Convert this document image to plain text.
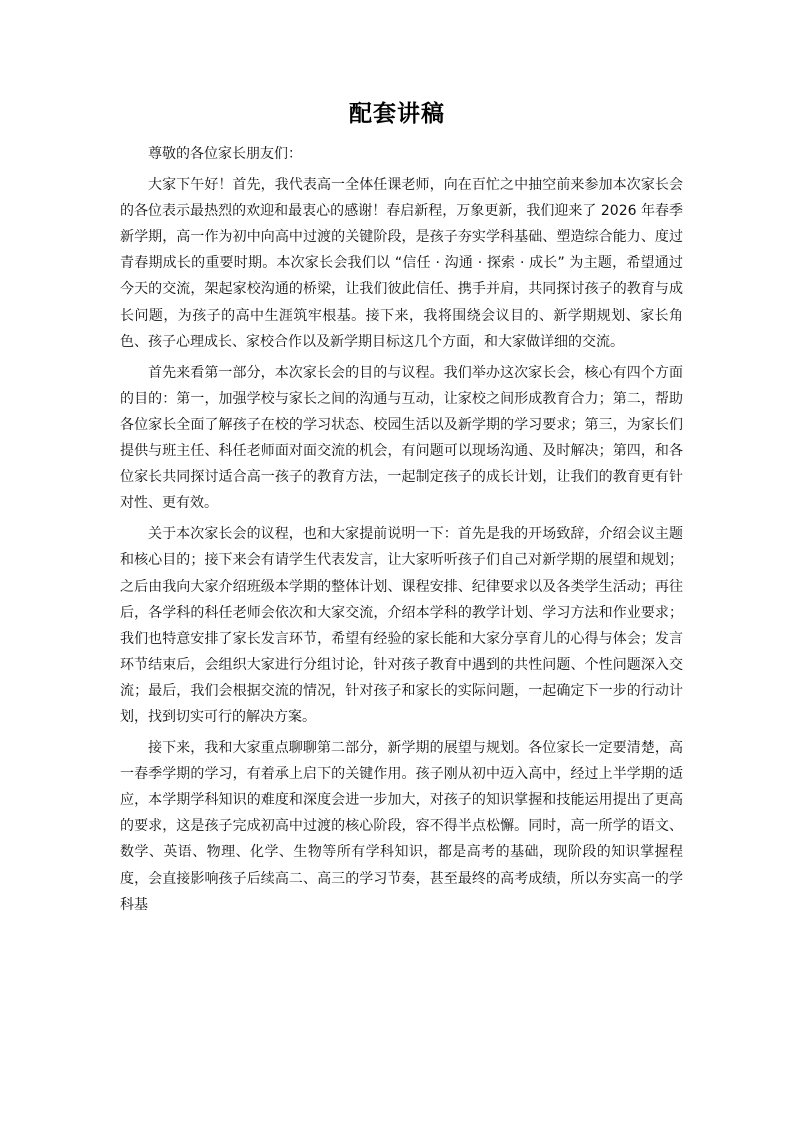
配套讲稿

尊敬的各位家长朋友们：

大家下午好！首先，我代表高一全体任课老师，向在百忙之中抽空前来参加本次家长会的各位表示最热烈的欢迎和最衷心的感谢！春启新程，万象更新，我们迎来了 2026 年春季新学期，高一作为初中向高中过渡的关键阶段，是孩子夯实学科基础、塑造综合能力、度过青春期成长的重要时期。本次家长会我们以 “信任 · 沟通 · 探索 · 成长” 为主题，希望通过今天的交流，架起家校沟通的桥梁，让我们彼此信任、携手并肩，共同探讨孩子的教育与成长问题，为孩子的高中生涯筑牢根基。接下来，我将围绕会议目的、新学期规划、家长角色、孩子心理成长、家校合作以及新学期目标这几个方面，和大家做详细的交流。

首先来看第一部分，本次家长会的目的与议程。我们举办这次家长会，核心有四个方面的目的：第一，加强学校与家长之间的沟通与互动，让家校之间形成教育合力；第二，帮助各位家长全面了解孩子在校的学习状态、校园生活以及新学期的学习要求；第三，为家长们提供与班主任、科任老师面对面交流的机会，有问题可以现场沟通、及时解决；第四，和各位家长共同探讨适合高一孩子的教育方法，一起制定孩子的成长计划，让我们的教育更有针对性、更有效。

关于本次家长会的议程，也和大家提前说明一下：首先是我的开场致辞，介绍会议主题和核心目的；接下来会有请学生代表发言，让大家听听孩子们自己对新学期的展望和规划；之后由我向大家介绍班级本学期的整体计划、课程安排、纪律要求以及各类学生活动；再往后，各学科的科任老师会依次和大家交流，介绍本学科的教学计划、学习方法和作业要求；我们也特意安排了家长发言环节，希望有经验的家长能和大家分享育儿的心得与体会；发言环节结束后，会组织大家进行分组讨论，针对孩子教育中遇到的共性问题、个性问题深入交流；最后，我们会根据交流的情况，针对孩子和家长的实际问题，一起确定下一步的行动计划，找到切实可行的解决方案。

接下来，我和大家重点聊聊第二部分，新学期的展望与规划。各位家长一定要清楚，高一春季学期的学习，有着承上启下的关键作用。孩子刚从初中迈入高中，经过上半学期的适应，本学期学科知识的难度和深度会进一步加大，对孩子的知识掌握和技能运用提出了更高的要求，这是孩子完成初高中过渡的核心阶段，容不得半点松懈。同时，高一所学的语文、数学、英语、物理、化学、生物等所有学科知识，都是高考的基础，现阶段的知识掌握程度，会直接影响孩子后续高二、高三的学习节奏，甚至最终的高考成绩，所以夯实高一的学科基
